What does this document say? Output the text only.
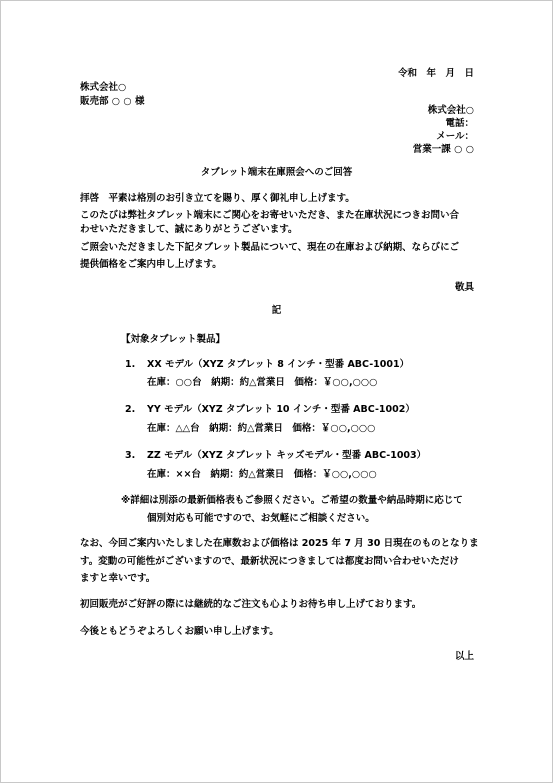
令和　年　月　日
株式会社○
販売部 ○ ○ 様
株式会社○
電話：
メール：
営業一課 ○ ○
タブレット端末在庫照会へのご回答
拝啓　平素は格別のお引き立てを賜り、厚く御礼申し上げます。
このたびは弊社タブレット端末にご関心をお寄せいただき、また在庫状況につきお問い合
わせいただきまして、誠にありがとうございます。
ご照会いただきました下記タブレット製品について、現在の在庫および納期、ならびにご
提供価格をご案内申し上げます。
敬具
記
【対象タブレット製品】
1. XX モデル（XYZ タブレット 8 インチ・型番 ABC-1001）
在庫：○○台　納期：約△営業日　価格：￥○○,○○○
2. YY モデル（XYZ タブレット 10 インチ・型番 ABC-1002）
在庫：△△台　納期：約△営業日　価格：￥○○,○○○
3. ZZ モデル（XYZ タブレット キッズモデル・型番 ABC-1003）
在庫：××台　納期：約△営業日　価格：￥○○,○○○
※詳細は別添の最新価格表もご参照ください。ご希望の数量や納品時期に応じて
個別対応も可能ですので、お気軽にご相談ください。
なお、今回ご案内いたしました在庫数および価格は 2025 年 7 月 30 日現在のものとなりま
す。変動の可能性がございますので、最新状況につきましては都度お問い合わせいただけ
ますと幸いです。
初回販売がご好評の際には継続的なご注文も心よりお待ち申し上げております。
今後ともどうぞよろしくお願い申し上げます。
以上
